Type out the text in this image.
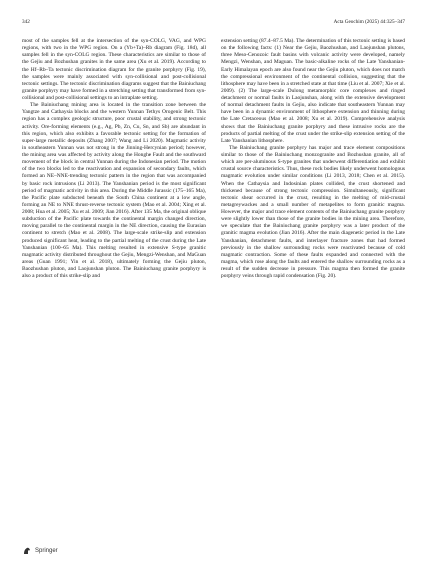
342	Acta Geochim (2025) 44:325–347

most of the samples fell at the intersection of the syn-COLG, VAG, and WPG regions, with two in the WPG region. On a (Yb+Ta)–Rb diagram (Fig. 18d), all samples fell in the syn-COLG region. These characteristics are similar to those of the Gejiu and Bozhushan granites in the same area (Xu et al. 2019). According to the Hf–Rb–Ta tectonic discrimination diagram for the granite porphyry (Fig. 19), the samples were mainly associated with syn-collisional and post-collisional tectonic settings. The tectonic discrimination diagrams suggest that the Bainiuchang granite porphyry may have formed in a stretching setting that transformed from syn-collisional and post-collisional settings to an intraplate setting.

The Bainiuchang mining area is located in the transition zone between the Yangtze and Cathaysia blocks and the western Yunnan Tethys Orogenic Belt. This region has a complex geologic structure, poor crustal stability, and strong tectonic activity. Ore-forming elements (e.g., Ag, Pb, Zn, Cu, Sn, and Sb) are abundant in this region, which also exhibits a favorable tectonic setting for the formation of super-large metallic deposits (Zhang 2007; Wang and Li 2020). Magmatic activity in southeastern Yunnan was not strong in the Jinning-Hercynian period; however, the mining area was affected by activity along the Honghe Fault and the southward movement of the block in central Yunnan during the Indonesian period. The motion of the two blocks led to the reactivation and expansion of secondary faults, which formed an NE–NNE-trending tectonic pattern in the region that was accompanied by basic rock intrusions (Li 2013). The Yanshanian period is the most significant period of magmatic activity in this area. During the Middle Jurassic (175–165 Ma), the Pacific plate subducted beneath the South China continent at a low angle, forming an NE to NNE thrust-reverse tectonic system (Mao et al. 2004; Xing et al. 2008; Hua et al. 2005; Xu et al. 2009; Jian 2016). After 135 Ma, the original oblique subduction of the Pacific plate towards the continental margin changed direction, moving parallel to the continental margin in the NE direction, causing the Eurasian continent to stretch (Mao et al. 2008). The large-scale strike-slip and extension produced significant heat, leading to the partial melting of the crust during the Late Yanshanian (100–65 Ma). This melting resulted in extensive S-type granitic magmatic activity distributed throughout the Gejiu, Mengzi-Wenshan, and MaGuan areas (Guan 1991; Yin et al. 2018), ultimately forming the Gejiu pluton, Baozhushan pluton, and Laojunshan pluton. The Bainiuchang granite porphyry is also a product of this strike-slip and

extension setting (87.4–87.5 Ma). The determination of this tectonic setting is based on the following facts: (1) Near the Gejiu, Baozhushan, and Laojunshan plutons, three Meso-Cenozoic fault basins with volcanic activity were developed, namely Mengzi, Wenshan, and Maguan. The basic-alkaline rocks of the Late Yanshanian-Early Himalayan epoch are also found near the Gejiu pluton, which does not match the compressional environment of the continental collision, suggesting that the lithosphere may have been in a stretched state at that time (Liu et al. 2007; Xie et al. 2009). (2) The large-scale Dulong metamorphic core complexes and ringed detachment or normal faults in Laojunshan, along with the extensive development of normal detachment faults in Gejiu, also indicate that southeastern Yunnan may have been in a dynamic environment of lithosphere extension and thinning during the Late Cretaceous (Mao et al. 2008; Xu et al. 2019). Comprehensive analysis shows that the Bainiuchang granite porphyry and these intrusive rocks are the products of partial melting of the crust under the strike-slip extension setting of the Late Yanshanian lithosphere.

The Bainiuchang granite porphyry has major and trace element compositions similar to those of the Bainiuchang monzogranite and Bozhushan granite, all of which are per-aluminous S-type granites that underwent differentiation and exhibit crustal source characteristics. Thus, these rock bodies likely underwent homologous magmatic evolution under similar conditions (Li 2013, 2018; Chen et al. 2015). When the Cathaysia and Indosinian plates collided, the crust shortened and thickened because of strong tectonic compression. Simultaneously, significant tectonic shear occurred in the crust, resulting in the melting of mid-crustal metagreywackes and a small number of metapelites to form granitic magma. However, the major and trace element contents of the Bainiuchang granite porphyry were slightly lower than those of the granite bodies in the mining area. Therefore, we speculate that the Bainiuchang granite porphyry was a later product of the granitic magma evolution (Jian 2016). After the main diagenetic period in the Late Yanshanian, detachment faults, and interlayer fracture zones that had formed previously in the shallow surrounding rocks were reactivated because of cold magmatic contraction. Some of these faults expanded and connected with the magma, which rose along the faults and entered the shallow surrounding rocks as a result of the sudden decrease in pressure. This magma then formed the granite porphyry veins through rapid condensation (Fig. 20).

Springer
